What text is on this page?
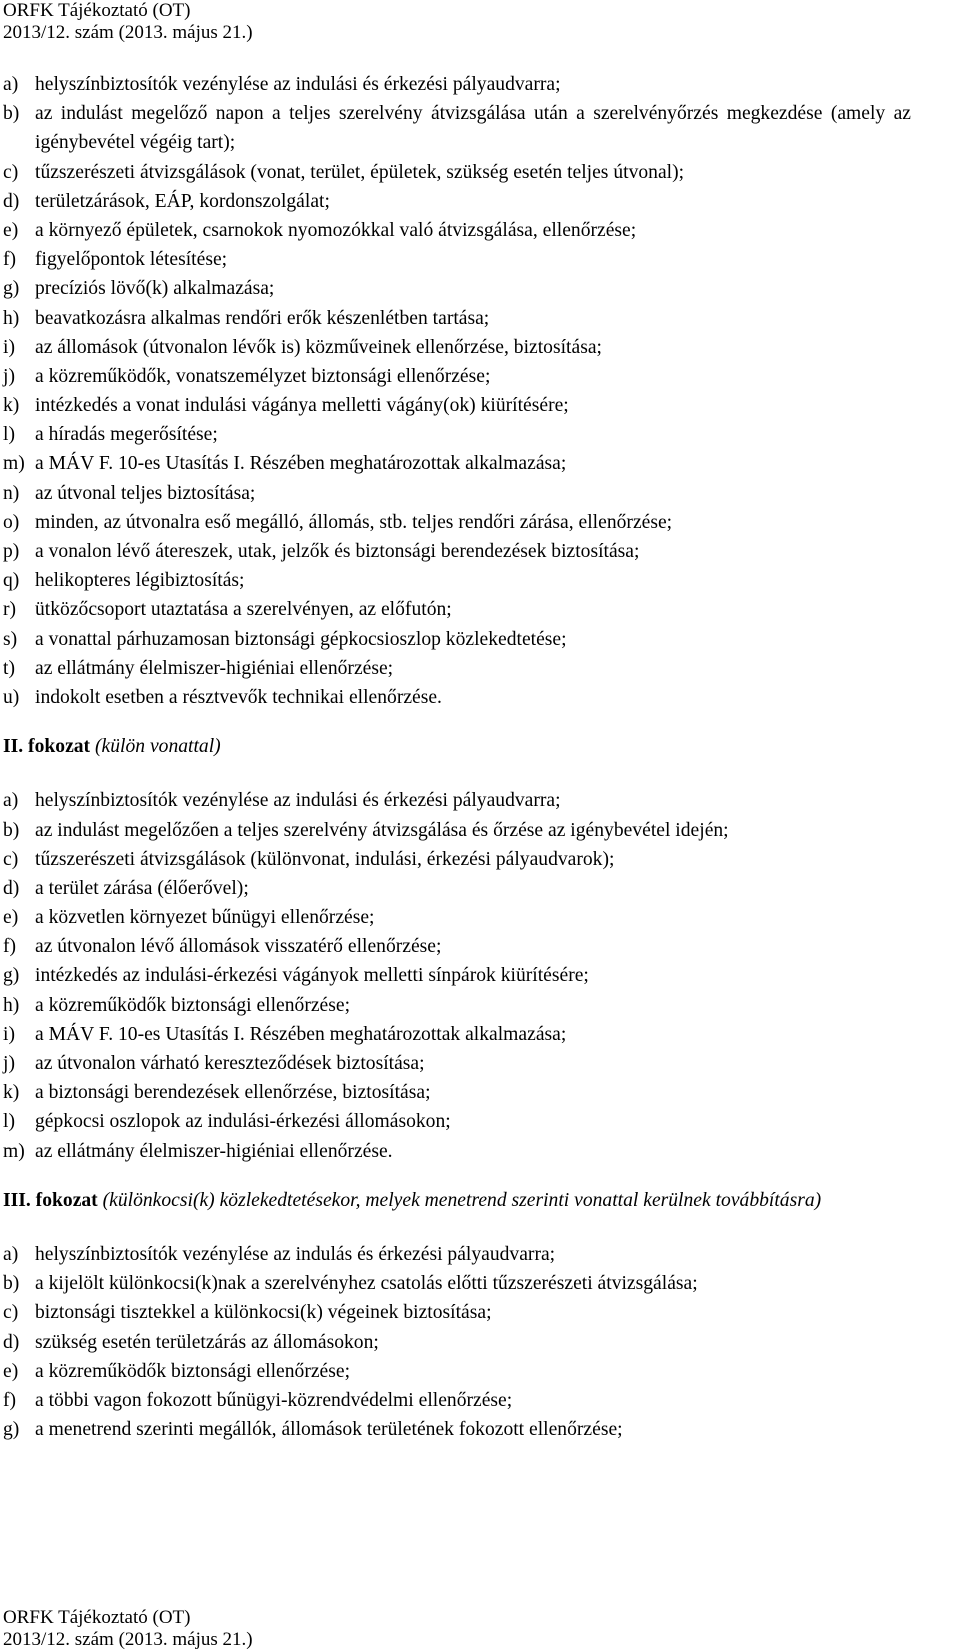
ORFK Tájékoztató (OT)
2013/12. szám (2013. május 21.)
a) helyszínbiztosítók vezénylése az indulási és érkezési pályaudvarra;
b) az indulást megelőző napon a teljes szerelvény átvizsgálása után a szerelvényőrzés megkezdése (amely az igénybevétel végéig tart);
c) tűzszerészeti átvizsgálások (vonat, terület, épületek, szükség esetén teljes útvonal);
d) területzárások, EÁP, kordonszolgálat;
e) a környező épületek, csarnokok nyomozókkal való átvizsgálása, ellenőrzése;
f) figyelőpontok létesítése;
g) precíziós lövő(k) alkalmazása;
h) beavatkozásra alkalmas rendőri erők készenlétben tartása;
i)	az állomások (útvonalon lévők is) közműveinek ellenőrzése, biztosítása;
j)	a közreműködők, vonatszemélyzet biztonsági ellenőrzése;
k) intézkedés a vonat indulási vágánya melletti vágány(ok) kiürítésére;
l)	a híradás megerősítése;
m) a MÁV F. 10-es Utasítás I. Részében meghatározottak alkalmazása;
n) az útvonal teljes biztosítása;
o) minden, az útvonalra eső megálló, állomás, stb. teljes rendőri zárása, ellenőrzése;
p) a vonalon lévő átereszek, utak, jelzők és biztonsági berendezések biztosítása;
q) helikopteres légibiztosítás;
r) ütközőcsoport utaztatása a szerelvényen, az előfutón;
s) a vonattal párhuzamosan biztonsági gépkocsioszlop közlekedtetése;
t)	az ellátmány élelmiszer-higiéniai ellenőrzése;
u) indokolt esetben a résztvevők technikai ellenőrzése.
II. fokozat (külön vonattal)
a) helyszínbiztosítók vezénylése az indulási és érkezési pályaudvarra;
b) az indulást megelőzően a teljes szerelvény átvizsgálása és őrzése az igénybevétel idején;
c) tűzszerészeti átvizsgálások (különvonat, indulási, érkezési pályaudvarok);
d) a terület zárása (élőerővel);
e) a közvetlen környezet bűnügyi ellenőrzése;
f) az útvonalon lévő állomások visszatérő ellenőrzése;
g) intézkedés az indulási-érkezési vágányok melletti sínpárok kiürítésére;
h) a közreműködők biztonsági ellenőrzése;
i)	a MÁV F. 10-es Utasítás I. Részében meghatározottak alkalmazása;
j)	az útvonalon várható kereszteződések biztosítása;
k) a biztonsági berendezések ellenőrzése, biztosítása;
l)	gépkocsi oszlopok az indulási-érkezési állomásokon;
m) az ellátmány élelmiszer-higiéniai ellenőrzése.
III. fokozat (különkocsi(k) közlekedtetésekor, melyek menetrend szerinti vonattal kerülnek továbbításra)
a) helyszínbiztosítók vezénylése az indulás és érkezési pályaudvarra;
b) a kijelölt különkocsi(k)nak a szerelvényhez csatolás előtti tűzszerészeti átvizsgálása;
c) biztonsági tisztekkel a különkocsi(k) végeinek biztosítása;
d) szükség esetén területzárás az állomásokon;
e) a közreműködők biztonsági ellenőrzése;
f) a többi vagon fokozott bűnügyi-közrendvédelmi ellenőrzése;
g) a menetrend szerinti megállók, állomások területének fokozott ellenőrzése;
ORFK Tájékoztató (OT)
2013/12. szám (2013. május 21.)
